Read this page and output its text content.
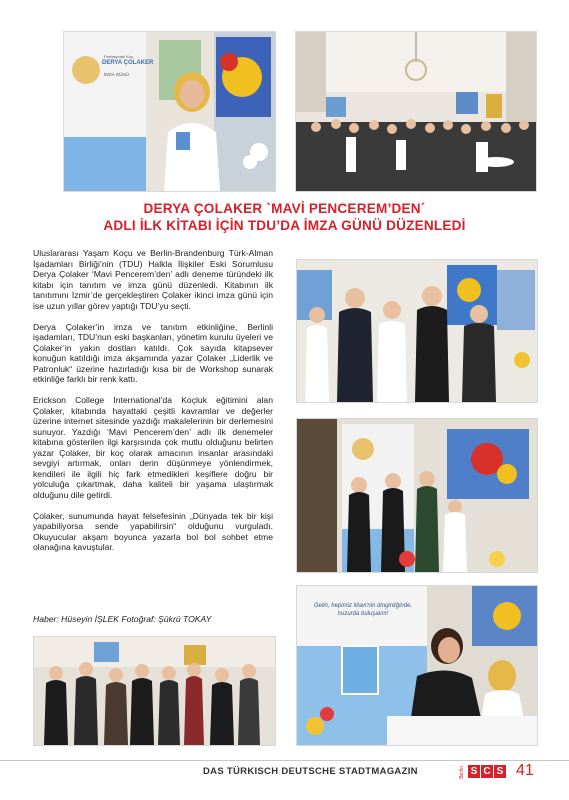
Profesyonel Koç
DERYA ÇOLAKER
İMZA GÜNÜ
DERYA ÇOLAKER `MAVİ PENCEREM’DEN´
ADLI İLK KİTABI İÇİN TDU’DA İMZA GÜNÜ DÜZENLEDİ

Uluslararası Yaşam Koçu ve Berlin-Brandenburg Türk-Alman İşadamları Birliği’nin (TDU) Halkla İlişkiler Eski Sorumlusu Derya Çolaker ‘Mavi Pencerem’den’ adlı deneme türündeki ilk kitabı için tanıtım ve imza günü düzenledi. Kitabının ilk tanıtımını İzmir’de gerçekleştiren Çolaker ikinci imza günü için ise uzun yıllar görev yaptığı TDU’yu seçti.

Derya Çolaker’in imza ve tanıtım etkinliğine, Berlinli işadamları, TDU’nun eski başkanları, yönetim kurulu üyeleri ve Çolaker’in yakın dostları katıldı. Çok sayıda kitapsever konuğun katıldığı imza akşamında yazar Çolaker „Liderlik ve Patronluk“ üzerine hazırladığı kısa bir de Workshop sunarak etkinliğe farklı bir renk kattı.

Erickson College International’da Koçluk eğitimini alan Çolaker, kitabında hayattaki çeşitli kavramlar ve değerler üzerine internet sitesinde yazdığı makalelerinin bir derlemesini sunuyor. Yazdığı ‘Mavi Pencerem’den’ adlı ilk denemeler kitabına gösterilen ilgi karşısında çok mutlu olduğunu belirten yazar Çolaker, bir koç olarak amacının insanlar arasındaki sevgiyi artırmak, onları derin düşünmeye yönlendirmek, kendileri ile ilgili hiç fark etmedikleri keşiflere doğru bir yolculuğa çıkartmak, daha kaliteli bir yaşama ulaştırmak olduğunu dile getirdi.

Çolaker, sunumunda hayat felsefesinin „Dünyada tek bir kişi yapabiliyorsa sende yapabilirsin“ olduğunu vurguladı. Okuyucular akşam boyunca yazarla bol bol sohbet etme olanağına kavuştular.

Haber: Hüseyin İŞLEK Fotoğraf: Şükrü TOKAY
Gelin, hepimiz Mavi'nin dinginliğinde, huzurda buluşalım!
DAS TÜRKISCH DEUTSCHE STADTMAGAZIN	Berlin S C S 41
